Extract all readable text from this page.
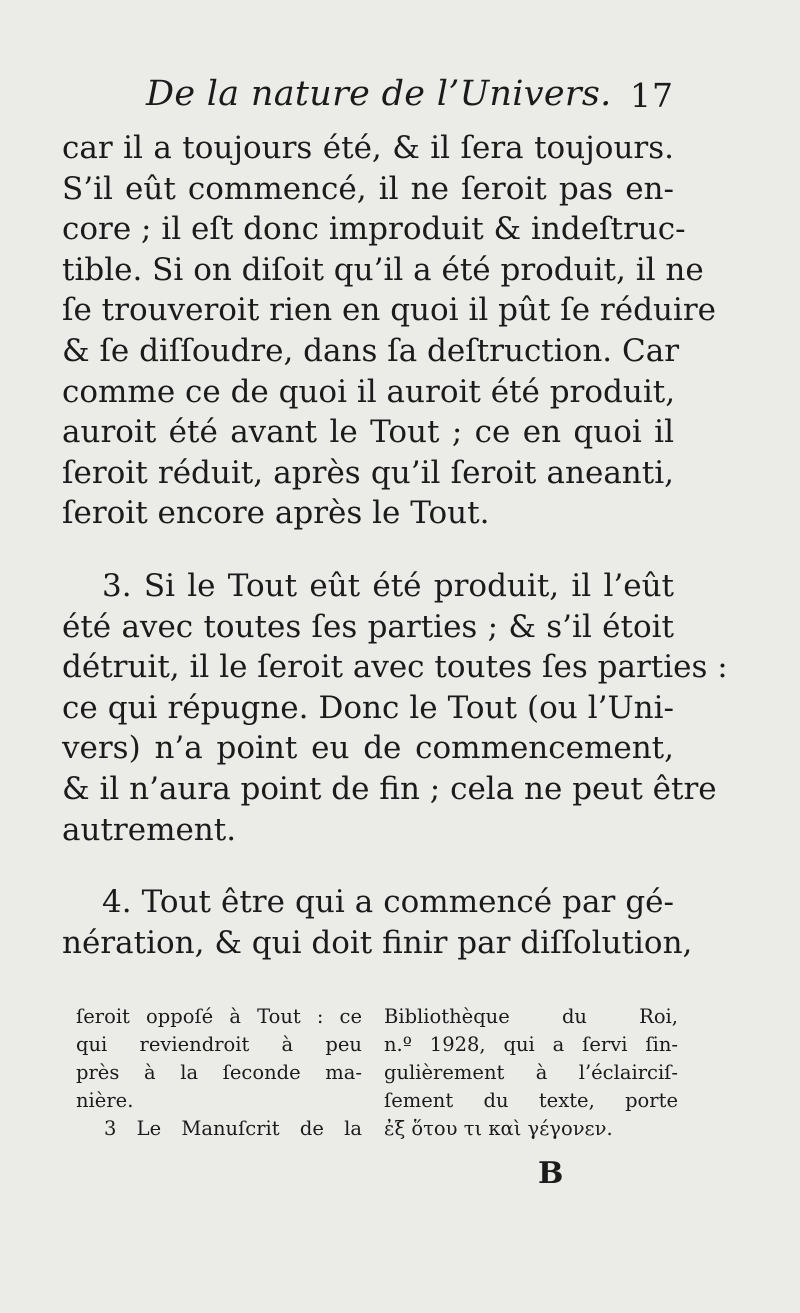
De la nature de l’Univers. 17
car il a toujours été, & il ſera toujours.
S’il eût commencé, il ne ſeroit pas en-
core ; il eſt donc improduit & indeſtruc-
tible. Si on diſoit qu’il a été produit, il ne
ſe trouveroit rien en quoi il pût ſe réduire
& ſe diſſoudre, dans ſa deſtruction. Car
comme ce de quoi il auroit été produit,
auroit été avant le Tout ; ce en quoi il
ſeroit réduit, après qu’il ſeroit aneanti,
ſeroit encore après le Tout.
3. Si le Tout eût été produit, il l’eût
été avec toutes ſes parties ; & s’il étoit
détruit, il le ſeroit avec toutes ſes parties :
ce qui répugne. Donc le Tout (ou l’Uni-
vers) n’a point eu de commencement,
& il n’aura point de fin ; cela ne peut être
autrement.
4. Tout être qui a commencé par gé-
nération, & qui doit finir par diſſolution,
ſeroit oppoſé à Tout : ce
qui reviendroit à peu
près à la ſeconde ma-
nière.
3 Le Manuſcrit de la
Bibliothèque du Roi,
n.º 1928, qui a ſervi ſin-
gulièrement à l’éclairciſ-
ſement du texte, porte
ἐξ ὅτου τι καὶ γέγονεν.
B
